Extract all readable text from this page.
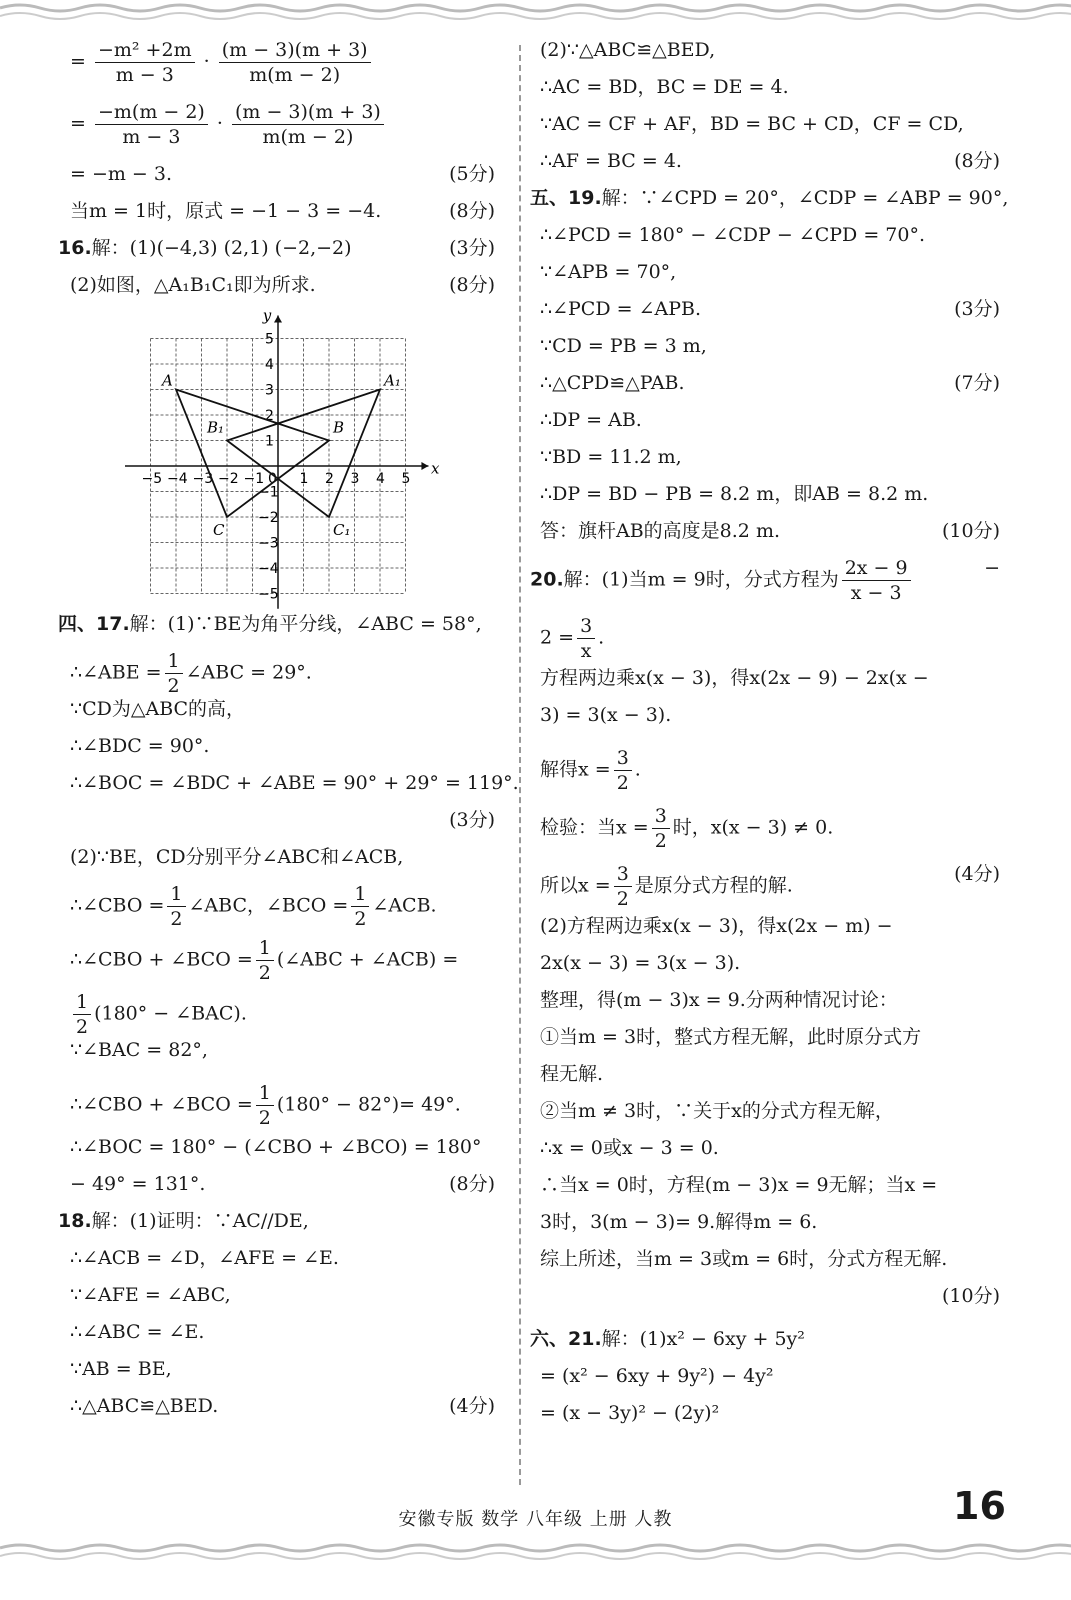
= $\frac{\text{−m² +2m}}{m - 3} \cdot \frac{(m - 3)(m + 3)}{m(m - 2)}$
= $\frac{-m(m - 2)}{m - 3} \cdot \frac{(m - 3)(m + 3)}{m(m - 2)}$
= −m − 3.	(5分)
当m = 1时，原式 = −1 − 3 = −4.	(8分)
16.解：(1)(−4,3) (2,1) (−2,−2)	(3分)
(2)如图，△A₁B₁C₁即为所求.	(8分)
x
y
−5 −4 −3 −2 −1 0 1 2 3 4 5
5
4
3
2
1
−1
−2
−3
−4
−5
A
B
C
A₁
B₁
C₁
四、17.解：(1)∵BE为角平分线，∠ABC = 58°,
∴∠ABE = $\frac{1}{2}$ ∠ABC = 29°.
∵CD为△ABC的高，
∴∠BDC = 90°.
∴∠BOC = ∠BDC + ∠ABE = 90° + 29° = 119°.
(3分)

(2)∵BE，CD分别平分∠ABC和∠ACB,
∴∠CBO = $\frac{1}{2}$ ∠ABC，∠BCO = $\frac{1}{2}$ ∠ACB.
∴∠CBO + ∠BCO = $\frac{1}{2}$ (∠ABC + ∠ACB) =
$\frac{1}{2} (180^\circ$ − ∠BAC).
∵∠BAC = 82°,
∴∠CBO + ∠BCO = $\frac{1}{2} (180^\circ - 82^\circ)= 49^\circ$.
∴∠BOC = 180° − (∠CBO + ∠BCO) = 180°
− 49° = 131°.	(8分)
18.解：(1)证明：∵AC//DE,
∴∠ACB = ∠D，∠AFE = ∠E.
∵∠AFE = ∠ABC,
∴∠ABC = ∠E.
∵AB = BE,
∴△ABC≌△BED.	(4分)
(2)∵△ABC≌△BED,
∴AC = BD，BC = DE = 4.
∵AC = CF + AF，BD = BC + CD，CF = CD,
∴AF = BC = 4.	(8分)
五、19.解：∵∠CPD = 20°，∠CDP = ∠ABP = 90°,
∴∠PCD = 180° − ∠CDP − ∠CPD = 70°.
∵∠APB = 70°,
∴∠PCD = ∠APB.	(3分)
∵CD = PB = 3 m,
∴△CPD≌△PAB.	(7分)
∴DP = AB.
∵BD = 11.2 m,
∴DP = BD − PB = 8.2 m，即AB = 8.2 m.
答：旗杆AB的高度是8.2 m.	(10分)
20.解：(1)当m = 9时，分式方程为 $\frac{2x - 9}{x - 3}$	−
$2 = \frac{3}{x}$ .
方程两边乘x(x − 3)，得x(2x − 9) − 2x(x −
3) = 3(x − 3).
解得$x = \frac{3}{2}$ .
检验：当$x = \frac{3}{2}$ 时，x(x − 3) ≠ 0.
所以$x = \frac{3}{2}$ 是原分式方程的解.
(4分)
(2)方程两边乘x(x − 3)，得x(2x − m) −
2x(x − 3) = 3(x − 3).
整理，得(m − 3)x = 9.分两种情况讨论：
①当m = 3时，整式方程无解，此时原分式方
程无解.
②当m ≠ 3时，∵关于x的分式方程无解，
∴x = 0或x − 3 = 0.
∴当x = 0时，方程(m − 3)x = 9无解；当x =
3时，3(m − 3)= 9.解得m = 6.
综上所述，当m = 3或m = 6时，分式方程无解.
(10分)

六、21.解：(1)x² − 6xy + 5y²
= (x² − 6xy + 9y²) − 4y²
= (x − 3y)² − (2y)²
安徽专版 数学 八年级 上册 人教	16
